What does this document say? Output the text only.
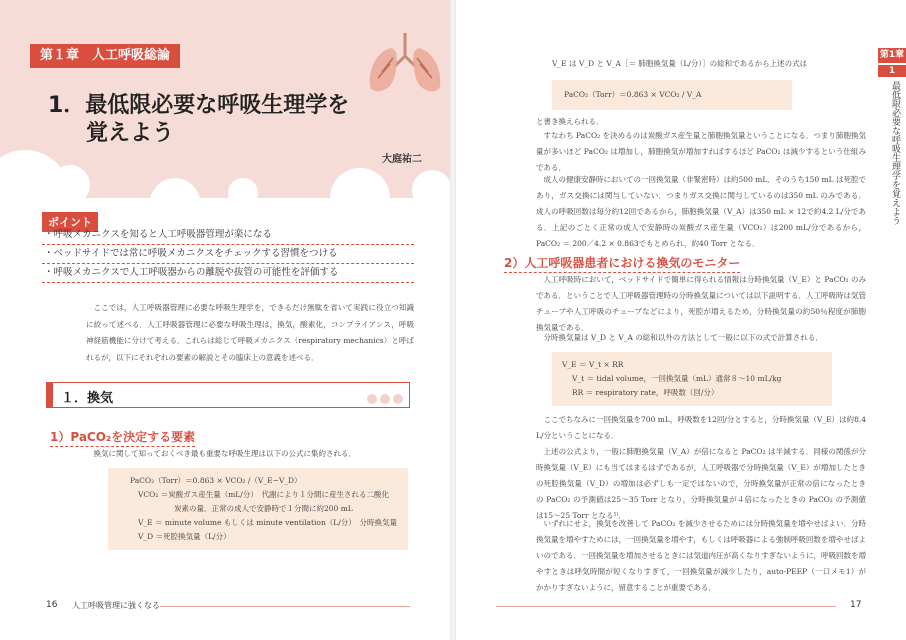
第１章　人工呼吸総論
1．最低限必要な呼吸生理学を
覚えよう
大庭祐二
ポイント
・呼吸メカニクスを知ると人工呼吸器管理が楽になる
・ベッドサイドでは常に呼吸メカニクスをチェックする習慣をつける
・呼吸メカニクスで人工呼吸器からの離脱や抜管の可能性を評価する
ここでは，人工呼吸器管理に必要な呼吸生理学を，できるだけ無駄を省いて実践に役立つ知識に絞って述べる．人工呼吸器管理に必要な呼吸生理は，換気，酸素化，コンプライアンス，呼吸神経筋機能に分けて考える．これらは総じて呼吸メカニクス（respiratory mechanics）と呼ばれるが，以下にそれぞれの要素の解説とその臨床上の意義を述べる．
１．換気
1）PaCO₂を決定する要素
換気に関して知っておくべき最も重要な呼吸生理は以下の公式に集約される．
PaCO₂（Torr）＝0.863 × VCO₂ /（V_E−V_D）
VCO₂ ＝炭酸ガス産生量（mL/分）　代謝により１分間に産生される二酸化
炭素の量．正常の成人で安静時で１分間に約200 mL
V_E ＝ minute volume もしくは minute ventilation（L/分）　分時換気量
V_D ＝死腔換気量（L/分）
16 人工呼吸管理に強くなる
V_E は V_D と V_A［＝ 肺胞換気量（L/分）］の総和であるから上述の式は
PaCO₂（Torr）＝0.863 × VCO₂ / V_A
と書き換えられる．
すなわち PaCO₂ を決めるのは炭酸ガス産生量と肺胞換気量ということになる．つまり肺胞換気量が多いほど PaCO₂ は増加し，肺胞換気が増加すればするほど PaCO₂ は減少するという仕組みである．
成人の健康安静時においての一回換気量（非緊密時）は約500 mL．そのうち150 mL は死腔であり，ガス交換には関与していない．つまりガス交換に関与しているのは350 mL のみである．成人の呼吸回数は毎分約12回であるから，肺胞換気量（V_A）は350 mL × 12で約4.2 L/分である．上記のごとく正常の成人で安静時の炭酸ガス産生量（VCO₂）は200 mL/分であるから，PaCO₂ ＝ 200／4.2 × 0.863でもとめられ，約40 Torr となる．
2）人工呼吸器患者における換気のモニター
人工呼吸時において，ベッドサイドで簡単に得られる情報は分時換気量（V_E）と PaCO₂ のみである．ということで人工呼吸器管理時の分時換気量については以下説明する．人工呼吸時は気管チューブや人工呼吸のチューブなどにより，死腔が増えるため，分時換気量の約50％程度が肺胞換気量である．
分時換気量は V_D と V_A の総和以外の方法として一般に以下の式で計算される．
V_E ＝ V_t × RR
V_t ＝ tidal volume，一回換気量（mL）通常８〜10 mL/kg
RR ＝ respiratory rate，呼吸数（回/分）
ここでちなみに一回換気量を700 mL，呼吸数を12回/分とすると，分時換気量（V_E）は約8.4 L/分ということになる．
上述の公式より，一般に肺胞換気量（V_A）が倍になると PaCO₂ は半減する．同様の関係が分時換気量（V_E）にも当てはまるはずであるが，人工呼吸器で分時換気量（V_E）が増加したときの死腔換気量（V_D）の増加は必ずしも一定ではないので，分時換気量が正常の倍になったときの PaCO₂ の予測値は25〜35 Torr となり，分時換気量が４倍になったときの PaCO₂ の予測値は15〜25 Torr となる¹⁾．
いずれにせよ，換気を改善して PaCO₂ を減少させるためには分時換気量を増やせばよい．分時換気量を増やすためには，一回換気量を増やす，もしくは呼吸器による強制呼吸回数を増やせばよいのである．一回換気量を増加させるときには気道内圧が高くなりすぎないように，呼吸回数を増やすときは呼気時間が短くなりすぎて，一回換気量が減少したり，auto-PEEP（一口メモ1）がかかりすぎないように，留意することが重要である．
17
第1章
1
最低限必要な呼吸生理学を覚えよう
